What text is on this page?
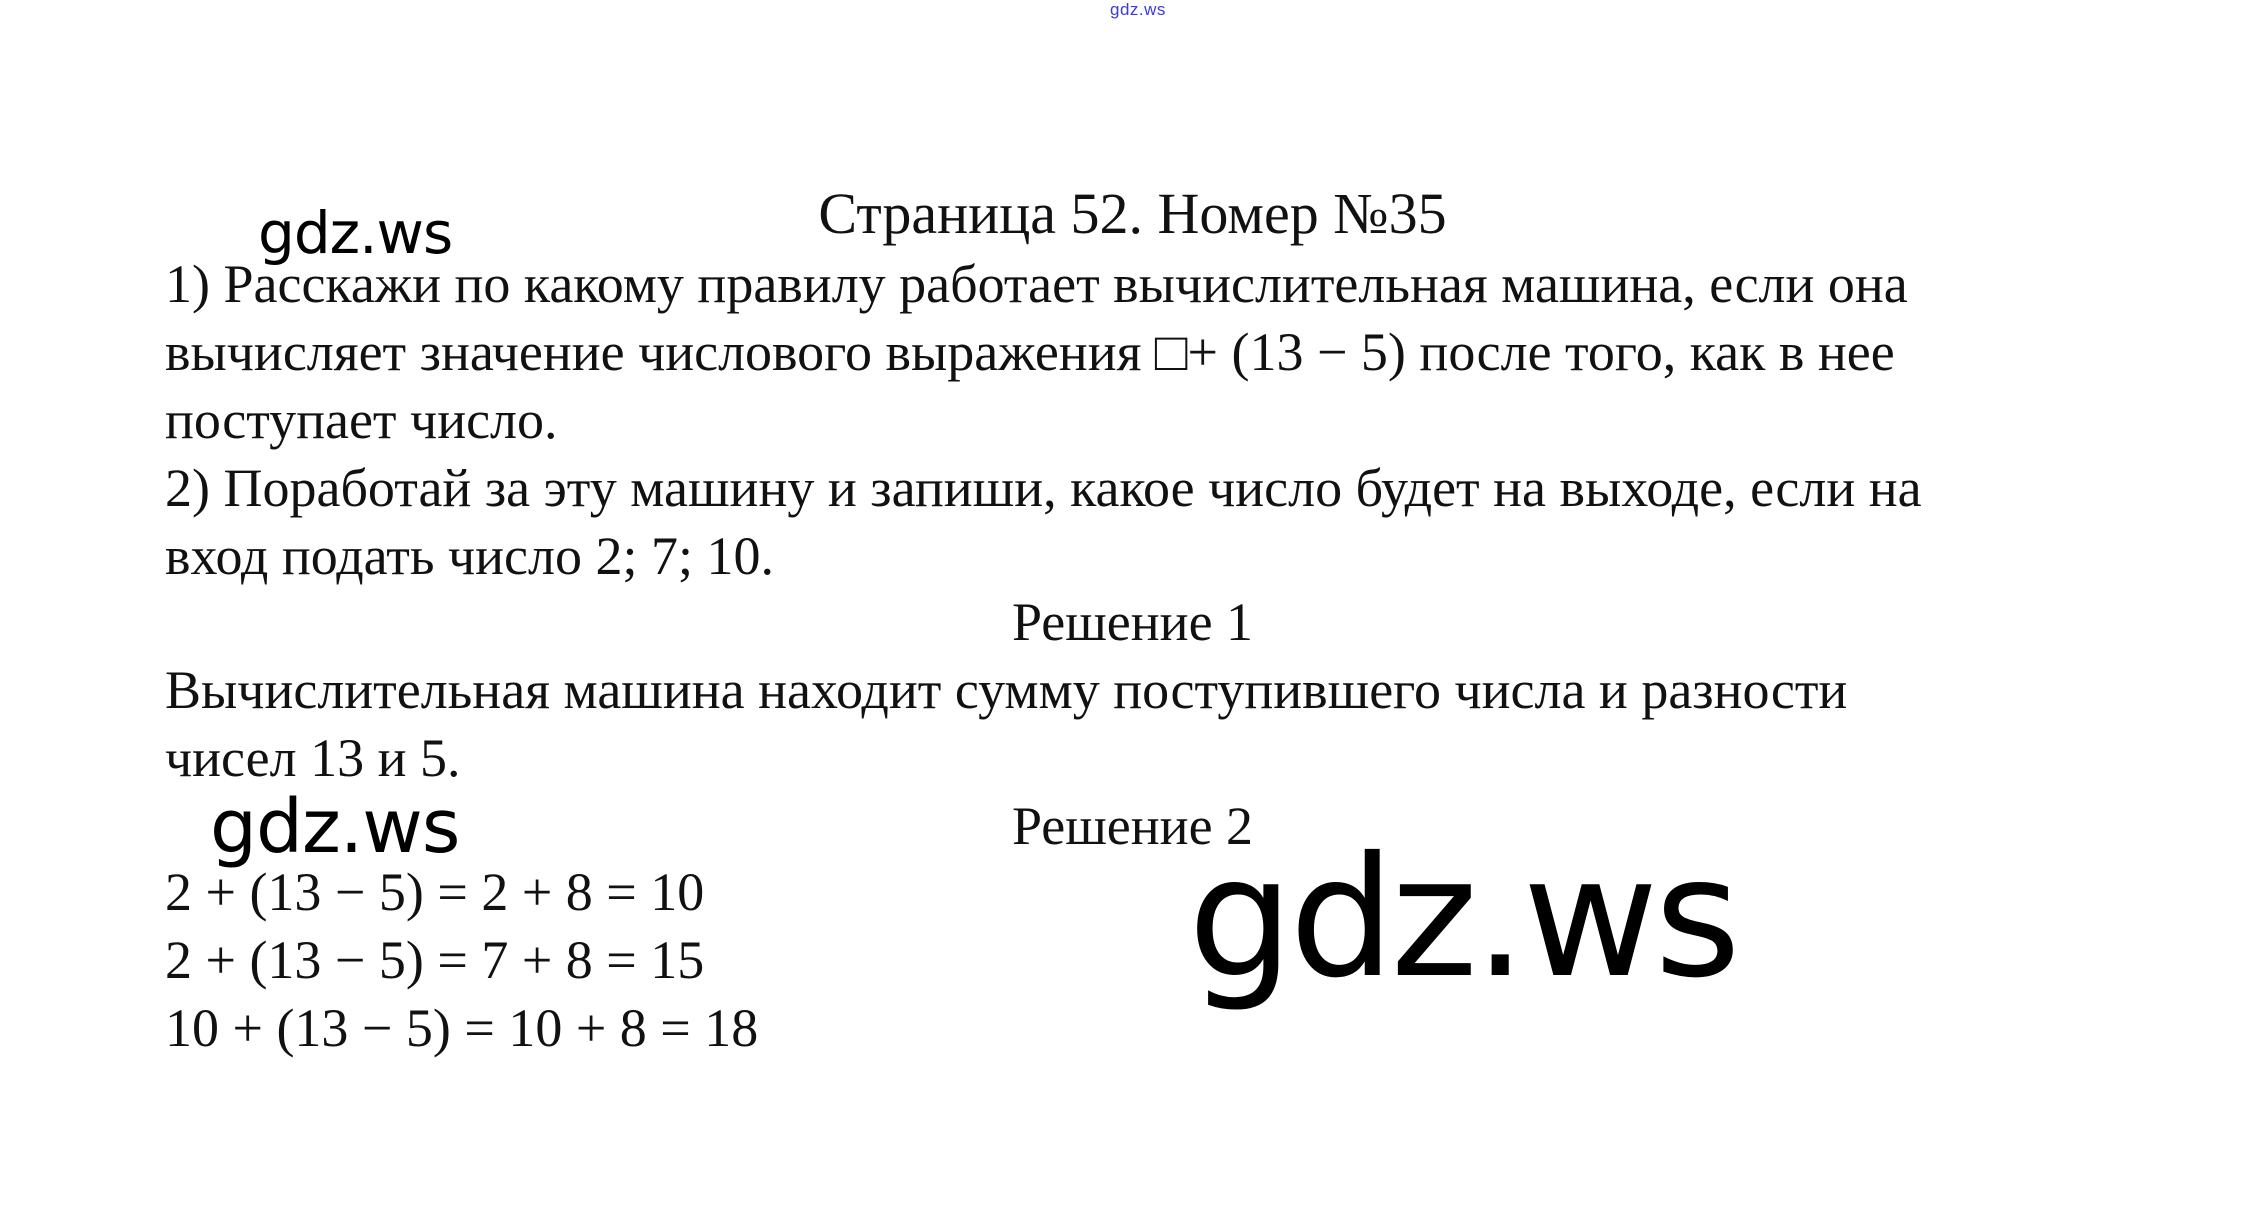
gdz.ws
gdz.ws
gdz.ws	gdz.ws
Страница 52. Номер №35
1) Расскажи по какому правилу работает вычислительная машина, если она
вычисляет значение числового выражения □+ (13 − 5) после того, как в нее
поступает число.
2) Поработай за эту машину и запиши, какое число будет на выходе, если на
вход подать число 2; 7; 10.
Решение 1
Вычислительная машина находит сумму поступившего числа и разности
чисел 13 и 5.
Решение 2
2 + (13 − 5) = 2 + 8 = 10
2 + (13 − 5) = 7 + 8 = 15
10 + (13 − 5) = 10 + 8 = 18
